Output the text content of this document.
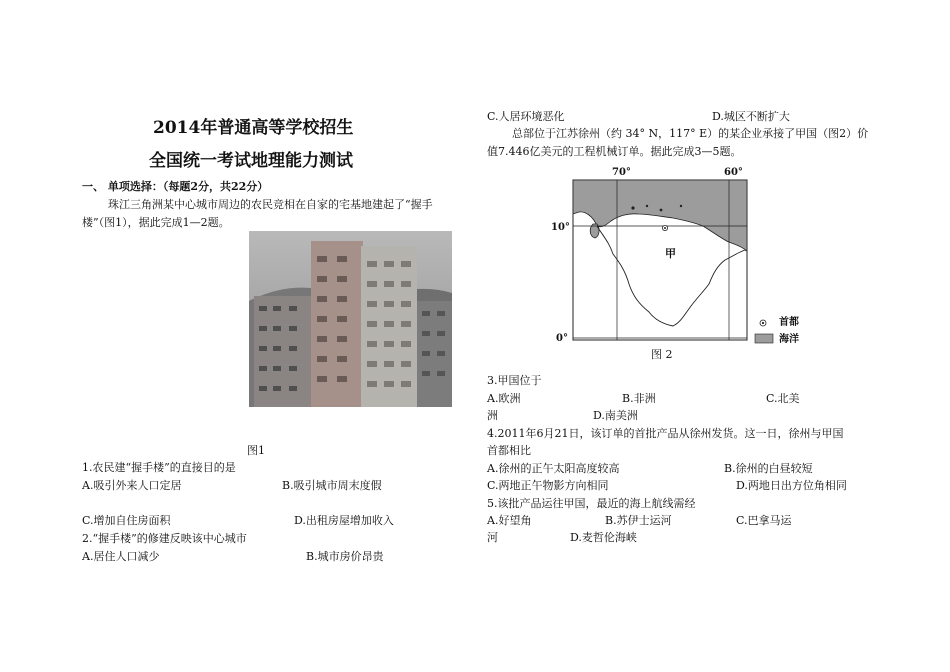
2014年普通高等学校招生
全国统一考试地理能力测试
一、 单项选择：（每题2分，共22分）
珠江三角洲某中心城市周边的农民竞相在自家的宅基地建起了“握手
楼”（图1），据此完成1—2题。
图1
1.农民建“握手楼”的直接目的是
A.吸引外来人口定居	B.吸引城市周末度假
C.增加自住房面积	D.出租房屋增加收入
2.“握手楼”的修建反映该中心城市
A.居住人口减少	B.城市房价昂贵
C.人居环境恶化	D.城区不断扩大
总部位于江苏徐州（约 34° N，117° E）的某企业承接了甲国（图2）价
值7.446亿美元的工程机械订单。据此完成3—5题。
70°	60°
10°
0°
甲
首都
海洋
图 2
3.甲国位于
A.欧洲	B.非洲	C.北美
洲	D.南美洲
4.2011年6月21日，该订单的首批产品从徐州发货。这一日，徐州与甲国
首都相比
A.徐州的正午太阳高度较高	B.徐州的白昼较短
C.两地正午物影方向相同	D.两地日出方位角相同
5.该批产品运往甲国，最近的海上航线需经
A.好望角	B.苏伊士运河	C.巴拿马运
河	D.麦哲伦海峡
